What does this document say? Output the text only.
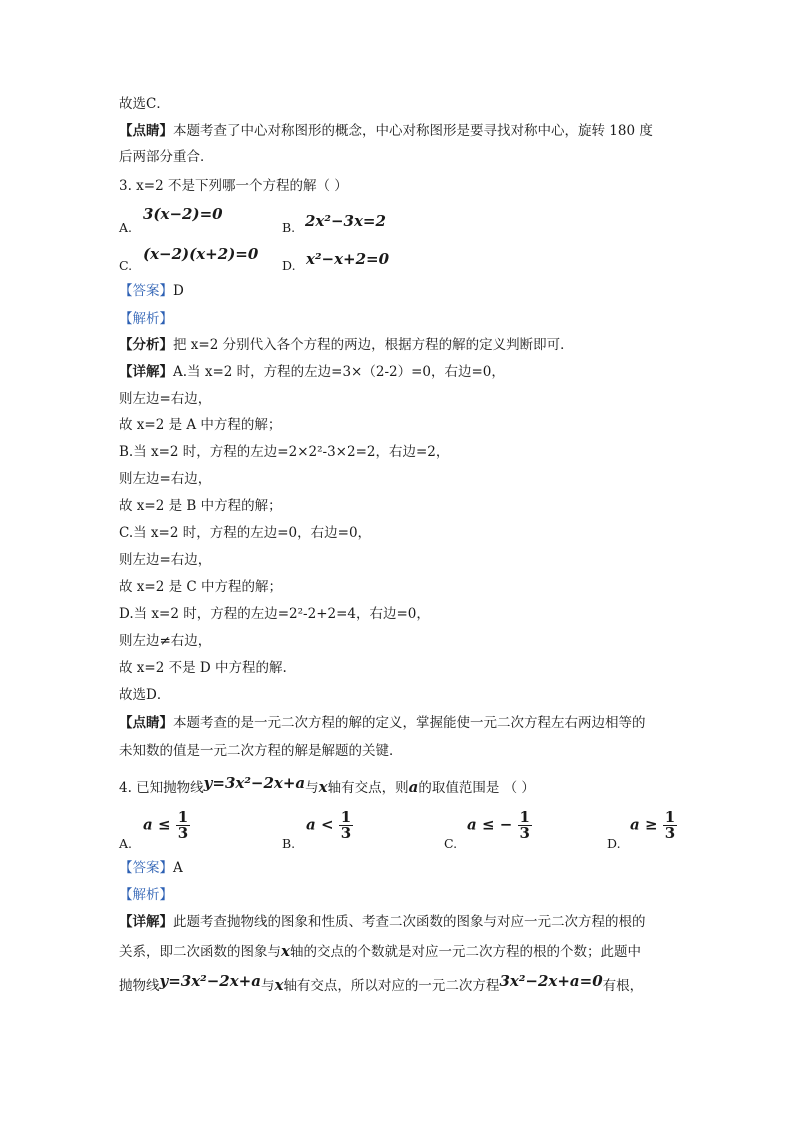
故选C．
【点睛】本题考查了中心对称图形的概念，中心对称图形是要寻找对称中心，旋转 180 度
后两部分重合．
3. x=2 不是下列哪一个方程的解（ ）
A.
3(x−2)=0
B. 2x²−3x=2
C.
(x−2)(x+2)=0
D. x²−x+2=0
【答案】D
【解析】
【分析】把 x=2 分别代入各个方程的两边，根据方程的解的定义判断即可．
【详解】A.当 x=2 时，方程的左边=3×（2-2）=0，右边=0，
则左边=右边，
故 x=2 是 A 中方程的解；
B.当 x=2 时，方程的左边=2×2²-3×2=2，右边=2，
则左边=右边，
故 x=2 是 B 中方程的解；
C.当 x=2 时，方程的左边=0，右边=0，
则左边=右边，
故 x=2 是 C 中方程的解；
D.当 x=2 时，方程的左边=2²-2+2=4，右边=0，
则左边≠右边，
故 x=2 不是 D 中方程的解.
故选D．
【点睛】本题考查的是一元二次方程的解的定义，掌握能使一元二次方程左右两边相等的
未知数的值是一元二次方程的解是解题的关键．
4. 已知抛物线y=3x²−2x+a与x轴有交点，则a的取值范围是 （ ）
A.
$a \le \frac{1}{3}$
B.
$a < \frac{1}{3}$
C.
a ≤ − $\frac{1}{3}$
D.
$a \ge \frac{1}{3}$
【答案】A
【解析】
【详解】此题考查抛物线的图象和性质、考查二次函数的图象与对应一元二次方程的根的
关系，即二次函数的图象与x轴的交点的个数就是对应一元二次方程的根的个数；此题中
抛物线y=3x²−2x+a与x轴有交点，所以对应的一元二次方程3x²−2x+a=0有根，
